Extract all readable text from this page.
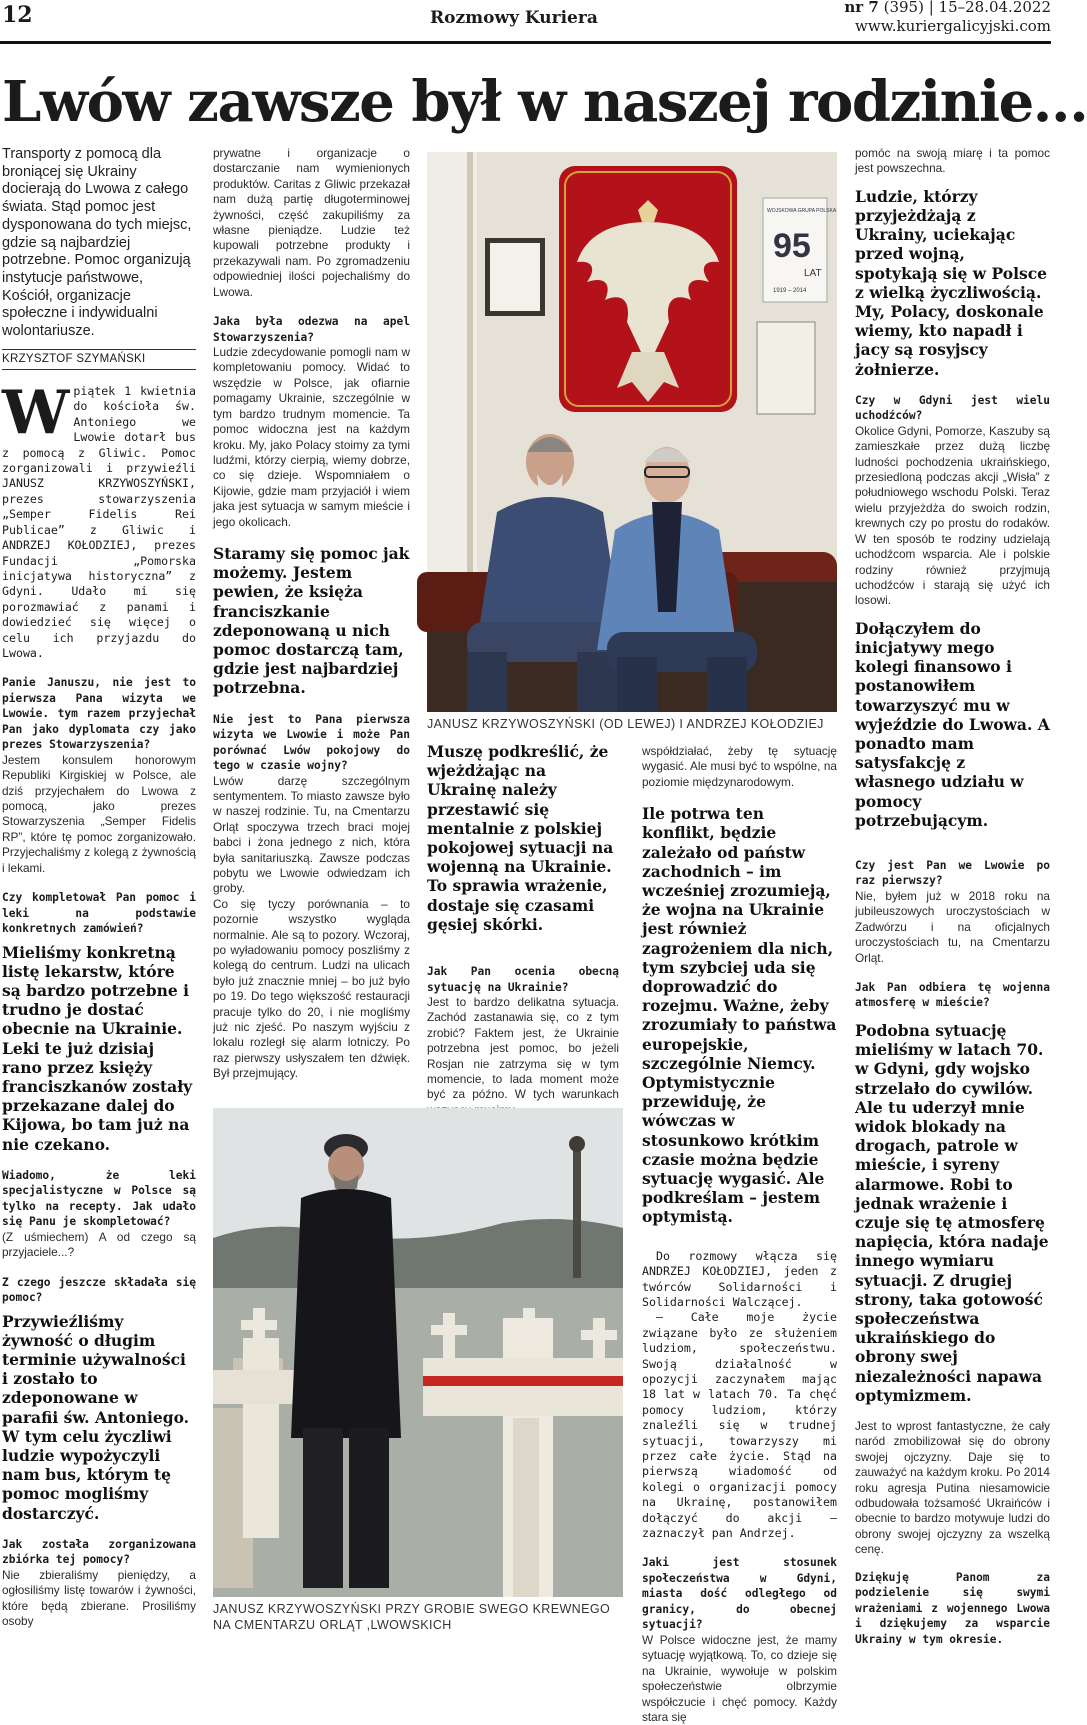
12	Rozmowy Kuriera
nr 7 (395) | 15–28.04.2022
www.kuriergalicyjski.com
Lwów zawsze był w naszej rodzinie…

Transporty z pomocą dla broniącej się Ukrainy docierają do Lwowa z całego świata. Stąd pomoc jest dysponowana do tych miejsc, gdzie są najbardziej potrzebne. Pomoc organizują instytucje państwowe, Kościół, organizacje społeczne i indywidualni wolontariusze.

KRZYSZTOF SZYMAŃSKI

Wpiątek 1 kwietnia do kościoła św. Antoniego we Lwowie dotarł bus z pomocą z Gliwic. Pomoc zorganizowali i przywieźli JANUSZ KRZYWOSZYŃSKI, prezes stowarzyszenia „Semper Fidelis Rei Publicae” z Gliwic i ANDRZEJ KOŁODZIEJ, prezes Fundacji „Pomorska inicjatywa historyczna” z Gdyni. Udało mi się porozmawiać z panami i dowiedzieć się więcej o celu ich przyjazdu do Lwowa.

Panie Januszu, nie jest to pierwsza Pana wizyta we Lwowie. tym razem przyjechał Pan jako dyplomata czy jako prezes Stowarzyszenia?

Jestem konsulem honorowym Republiki Kirgiskiej w Polsce, ale dziś przyjechałem do Lwowa z pomocą, jako prezes Stowarzyszenia „Semper Fidelis RP”, które tę pomoc zorganizowało. Przyjechaliśmy z kolegą z żywnością i lekami.

Czy kompletował Pan pomoc i leki na podstawie konkretnych zamówień?

Mieliśmy konkretną listę lekarstw, które są bardzo potrzebne i trudno je dostać obecnie na Ukrainie. Leki te już dzisiaj rano przez księży franciszkanów zostały przekazane dalej do Kijowa, bo tam już na nie czekano.

Wiadomo, że leki specjalistyczne w Polsce są tylko na recepty. Jak udało się Panu je skompletować?

(Z uśmiechem) A od czego są przyjaciele...?

Z czego jeszcze składała się pomoc?

Przywieźliśmy żywność o długim terminie używalności i zostało to zdeponowane w parafii św. Antoniego. W tym celu życzliwi ludzie wypożyczyli nam bus, którym tę pomoc mogliśmy dostarczyć.

Jak została zorganizowana zbiórka tej pomocy?

Nie zbieraliśmy pieniędzy, a ogłosiliśmy listę towarów i żywności, które będą zbierane. Prosiliśmy osoby

prywatne i organizacje o dostarczanie nam wymienionych produktów. Caritas z Gliwic przekazał nam dużą partię długoterminowej żywności, część zakupiliśmy za własne pieniądze. Ludzie też kupowali potrzebne produkty i przekazywali nam. Po zgromadzeniu odpowiedniej ilości pojechaliśmy do Lwowa.

Jaka była odezwa na apel Stowarzyszenia?

Ludzie zdecydowanie pomogli nam w kompletowaniu pomocy. Widać to wszędzie w Polsce, jak ofiarnie pomagamy Ukrainie, szczególnie w tym bardzo trudnym momencie. Ta pomoc widoczna jest na każdym kroku. My, jako Polacy stoimy za tymi ludźmi, którzy cierpią, wiemy dobrze, co się dzieje. Wspomniałem o Kijowie, gdzie mam przyjaciół i wiem jaka jest sytuacja w samym mieście i jego okolicach.

Staramy się pomoc jak możemy. Jestem pewien, że księża franciszkanie zdeponowaną u nich pomoc dostarczą tam, gdzie jest najbardziej potrzebna.

Nie jest to Pana pierwsza wizyta we Lwowie i może Pan porównać Lwów pokojowy do tego w czasie wojny?

Lwów darzę szczególnym sentymentem. To miasto zawsze było w naszej rodzinie. Tu, na Cmentarzu Orląt spoczywa trzech braci mojej babci i żona jednego z nich, która była sanitariuszką. Zawsze podczas pobytu we Lwowie odwiedzam ich groby.

Co się tyczy porównania – to pozornie wszystko wygląda normalnie. Ale są to pozory. Wczoraj, po wyładowaniu pomocy poszliśmy z kolegą do centrum. Ludzi na ulicach było już znacznie mniej – bo już było po 19. Do tego większość restauracji pracuje tylko do 20, i nie mogliśmy już nic zjeść. Po naszym wyjściu z lokalu rozległ się alarm lotniczy. Po raz pierwszy usłyszałem ten dźwięk. Był przejmujący.

WOJSKOWA GRUPA POLSKA
95
LAT
1919 – 2014
JANUSZ KRZYWOSZYŃSKI (OD LEWEJ) I ANDRZEJ KOŁODZIEJ

Muszę podkreślić, że wjeżdżając na Ukrainę należy przestawić się mentalnie z polskiej pokojowej sytuacji na wojenną na Ukrainie. To sprawia wrażenie, dostaje się czasami gęsiej skórki.

Jak Pan ocenia obecną sytuację na Ukrainie?

Jest to bardzo delikatna sytuacja. Zachód zastanawia się, co z tym zrobić? Faktem jest, że Ukrainie potrzebna jest pomoc, bo jeżeli Rosjan nie zatrzyma się w tym momencie, to lada moment może być za późno. W tych warunkach

współdziałać, żeby tę sytuację wygasić. Ale musi być to wspólne, na poziomie międzynarodowym.

Ile potrwa ten konflikt, będzie zależało od państw zachodnich – im wcześniej zrozumieją, że wojna na Ukrainie jest również zagrożeniem dla nich, tym szybciej uda się doprowadzić do rozejmu. Ważne, żeby zrozumiały to państwa europejskie, szczególnie Niemcy. Optymistycznie przewiduję, że wówczas w stosunkowo krótkim czasie można będzie sytuację wygasić. Ale podkreślam – jestem optymistą.

Do rozmowy włącza się ANDRZEJ KOŁODZIEJ, jeden z twórców Solidarności i Solidarności Walczącej.

– Całe moje życie związane było ze służeniem ludziom, społeczeństwu. Swoją działalność w opozycji zaczynałem mając 18 lat w latach 70. Ta chęć pomocy ludziom, którzy znaleźli się w trudnej sytuacji, towarzyszy mi przez całe życie. Stąd na pierwszą wiadomość od kolegi o organizacji pomocy na Ukrainę, postanowiłem dołączyć do akcji – zaznaczył pan Andrzej.

Jaki jest stosunek społeczeństwa w Gdyni, miasta dość odległego od granicy, do obecnej sytuacji?

W Polsce widoczne jest, że mamy sytuację wyjątkową. To, co dzieje się na Ukrainie, wywołuje w polskim społeczeństwie olbrzymie współczucie i chęć pomocy. Każdy stara się

JANUSZ KRZYWOSZYŃSKI PRZY GROBIE SWEGO KREWNEGO NA CMENTARZU ORLĄT ,LWOWSKICH

pomóc na swoją miarę i ta pomoc jest powszechna.

Ludzie, którzy przyjeżdżają z Ukrainy, uciekając przed wojną, spotykają się w Polsce z wielką życzliwością. My, Polacy, doskonale wiemy, kto napadł i jacy są rosyjscy żołnierze.

Czy w Gdyni jest wielu uchodźców?

Okolice Gdyni, Pomorze, Kaszuby są zamieszkałe przez dużą liczbę ludności pochodzenia ukraińskiego, przesiedloną podczas akcji „Wisła” z południowego wschodu Polski. Teraz wielu przyjeżdża do swoich rodzin, krewnych czy po prostu do rodaków. W ten sposób te rodziny udzielają uchodźcom wsparcia. Ale i polskie rodziny również przyjmują uchodźców i starają się użyć ich losowi.

Dołączyłem do inicjatywy mego kolegi finansowo i postanowiłem towarzyszyć mu w wyjeździe do Lwowa. A ponadto mam satysfakcję z własnego udziału w pomocy potrzebującym.

Czy jest Pan we Lwowie po raz pierwszy?

Nie, byłem już w 2018 roku na jubileuszowych uroczystościach w Zadwórzu i na oficjalnych uroczystościach tu, na Cmentarzu Orląt.

Jak Pan odbiera tę wojenna atmosferę w mieście?

Podobna sytuację mieliśmy w latach 70. w Gdyni, gdy wojsko strzelało do cywilów. Ale tu uderzył mnie widok blokady na drogach, patrole w mieście, i syreny alarmowe. Robi to jednak wrażenie i czuje się tę atmosferę napięcia, która nadaje innego wymiaru sytuacji. Z drugiej strony, taka gotowość społeczeństwa ukraińskiego do obrony swej niezależności napawa optymizmem.

Jest to wprost fantastyczne, że cały naród zmobilizował się do obrony swojej ojczyzny. Daje się to zauważyć na każdym kroku. Po 2014 roku agresja Putina niesamowicie odbudowała tożsamość Ukraińców i obecnie to bardzo motywuje ludzi do obrony swojej ojczyzny za wszelką cenę.

Dziękuję Panom za podzielenie się swymi wrażeniami z wojennego Lwowa i dziękujemy za wsparcie Ukrainy w tym okresie.
